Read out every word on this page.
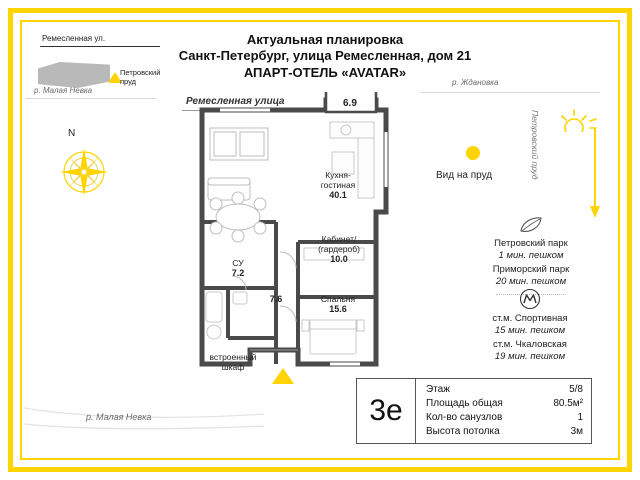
Актуальная планировка
Санкт-Петербург, улица Ремесленная, дом 21
АПАРТ-ОТЕЛЬ «AVATAR»
Ремесленная ул.
Петровский
пруд
р. Малая Невка
N
Ремесленная улица
р. Ждановка
Петровский пруд
Вид на пруд
Петровский парк
1 мин. пешком
Приморский парк
20 мин. пешком
ст.м. Спортивная
15 мин. пешком
ст.м. Чкаловская
19 мин. пешком
р. Малая Невка
6.9
Кухня-
гостиная
40.1
Кабинет/
(гардероб)
10.0
Спальня
15.6
СУ
7.2
7.6
встроенный
шкаф
3е
Этаж	5/8
Площадь общая	80.5м²
Кол-во санузлов	1
Высота потолка	3м
